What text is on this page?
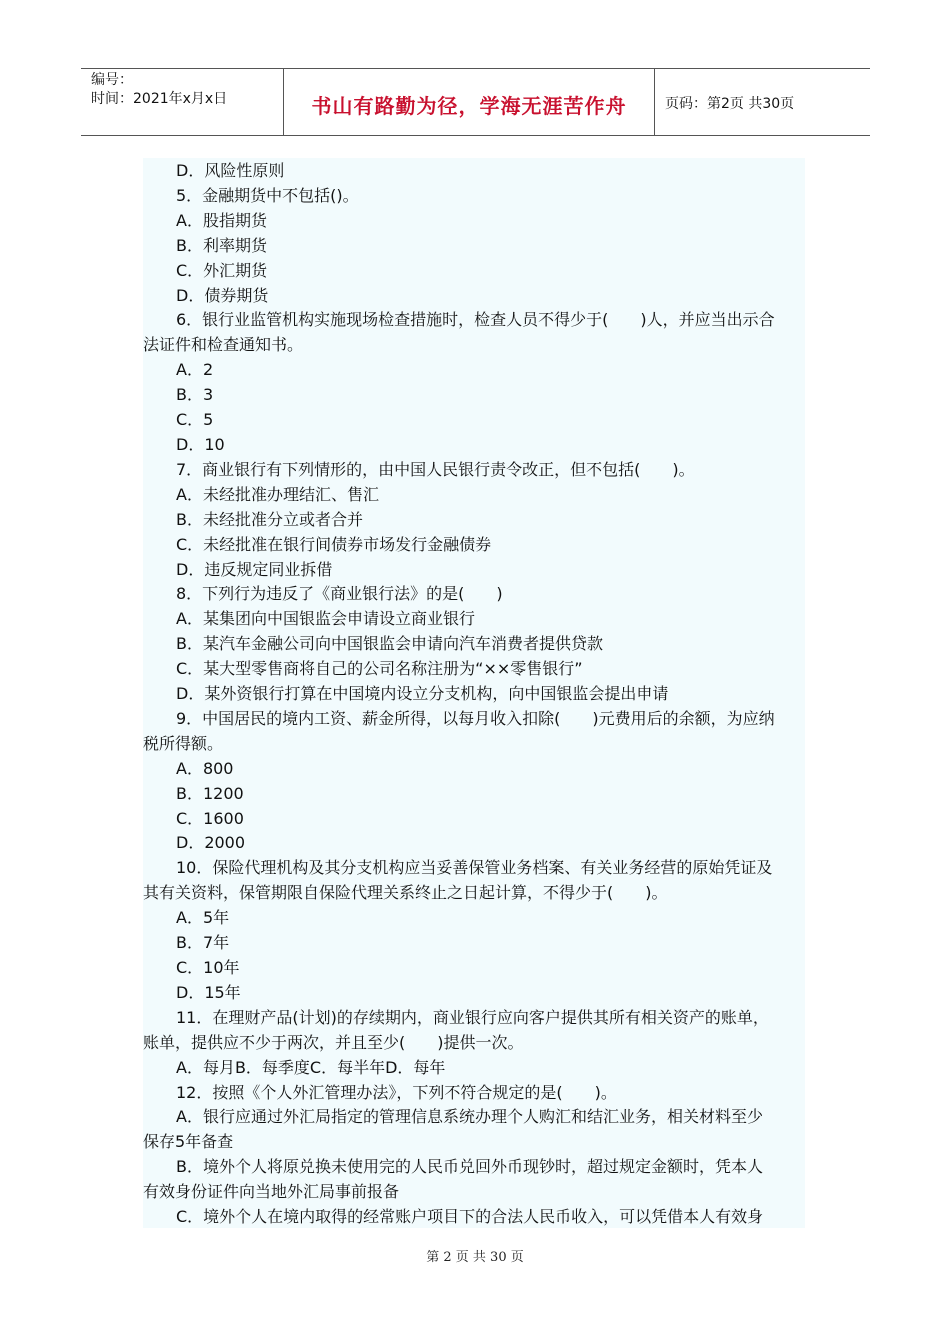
编号：
时间：2021年x月x日	书山有路勤为径，学海无涯苦作舟	页码：第2页 共30页

D．风险性原则

5．金融期货中不包括()。

A．股指期货

B．利率期货

C．外汇期货

D．债券期货

6．银行业监管机构实施现场检查措施时，检查人员不得少于(　　)人，并应当出示合

法证件和检查通知书。

A．2

B．3

C．5

D．10

7．商业银行有下列情形的，由中国人民银行责令改正，但不包括(　　)。

A．未经批准办理结汇、售汇

B．未经批准分立或者合并

C．未经批准在银行间债券市场发行金融债券

D．违反规定同业拆借

8．下列行为违反了《商业银行法》的是(　　)

A．某集团向中国银监会申请设立商业银行

B．某汽车金融公司向中国银监会申请向汽车消费者提供贷款

C．某大型零售商将自己的公司名称注册为“××零售银行”

D．某外资银行打算在中国境内设立分支机构，向中国银监会提出申请

9．中国居民的境内工资、薪金所得，以每月收入扣除(　　)元费用后的余额，为应纳

税所得额。

A．800

B．1200

C．1600

D．2000

10．保险代理机构及其分支机构应当妥善保管业务档案、有关业务经营的原始凭证及

其有关资料，保管期限自保险代理关系终止之日起计算，不得少于(　　)。

A．5年

B．7年

C．10年

D．15年

11．在理财产品(计划)的存续期内，商业银行应向客户提供其所有相关资产的账单，

账单，提供应不少于两次，并且至少(　　)提供一次。

A．每月B．每季度C．每半年D．每年

12．按照《个人外汇管理办法》，下列不符合规定的是(　　)。

A．银行应通过外汇局指定的管理信息系统办理个人购汇和结汇业务，相关材料至少

保存5年备查

B．境外个人将原兑换未使用完的人民币兑回外币现钞时，超过规定金额时，凭本人

有效身份证件向当地外汇局事前报备

C．境外个人在境内取得的经常账户项目下的合法人民币收入，可以凭借本人有效身

第 2 页 共 30 页
